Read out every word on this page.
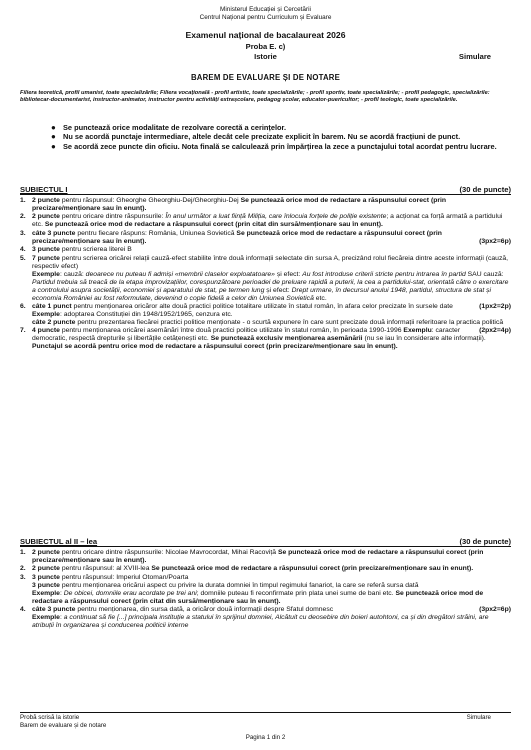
Ministerul Educației și Cercetării
Centrul Național pentru Curriculum și Evaluare
Examenul național de bacalaureat 2026
Proba E. c)
Istorie	Simulare
BAREM DE EVALUARE ȘI DE NOTARE
Filiera teoretică, profil umanist, toate specializările; Filiera vocațională - profil artistic, toate specializările; - profil sportiv, toate specializările; - profil pedagogic, specializările: bibliotecar-documentarist, instructor-animator, instructor pentru activitățí extrașcolare, pedagog școlar, educator-puericultor; - profil teologic, toate specializările.
● Se punctează orice modalitate de rezolvare corectă a cerințelor.
● Nu se acordă punctaje intermediare, altele decât cele precizate explicit în barem. Nu se acordă fracțiuni de punct.
● Se acordă zece puncte din oficiu. Nota finală se calculează prin împărțirea la zece a punctajului total acordat pentru lucrare.
SUBIECTUL I	(30 de puncte)
1. 2 puncte pentru răspunsul: Gheorghe Gheorghiu-Dej/Gheorghiu-Dej Se punctează orice mod de redactare a răspunsului corect (prin precizare/menționare sau în enunț).
2. 2 puncte pentru oricare dintre răspunsurile: În anul următor a luat ființă Miliția, care înlocuia forțele de poliție existente; a acționat ca forță armată a partidului etc. Se punctează orice mod de redactare a răspunsului corect (prin citat din sursă/menționare sau în enunț).
3. câte 3 puncte pentru fiecare răspuns: România, Uniunea Sovietică Se punctează orice mod de redactare a răspunsului corect (prin precizare/menționare sau în enunț).	(3px2=6p)
4. 3 puncte pentru scrierea literei B
5. 7 puncte pentru scrierea oricărei relații cauză-efect stabilite între două informații selectate din sursa A, precizând rolul fiecăreia dintre aceste informații (cauză, respectiv efect)
Exemple: cauză: deoarece nu puteau fi admiși «membrii claselor exploatatoare» și efect: Au fost introduse criterii stricte pentru intrarea în partid SAU cauză: Partidul trebuia să treacă de la etapa improvizațiilor, corespunzătoare perioadei de preluare rapidă a puterii, la cea a partidului-stat, orientată către o exercitare a controlului asupra societății, economiei și aparatului de stat, pe termen lung și efect: Drept urmare, în decursul anului 1948, partidul, structura de stat și economia României au fost reformulate, devenind o copie fidelă a celor din Uniunea Sovietică etc.
6. câte 1 punct pentru menționarea oricăror alte două practici politice totalitare utilizate în statul român, în afara celor precizate în sursele date	(1px2=2p)

Exemple: adoptarea Constituției din 1948/1952/1965, cenzura etc.
câte 2 puncte pentru prezentarea fiecărei practici politice menționate - o scurtă expunere în care sunt precizate două informații referitoare la practica politică
(2px2=4p)
7. 4 puncte pentru menționarea oricărei asemănări între două practici politice utilizate în statul român, în perioada 1990-1996 Exemplu: caracter democratic, respectă drepturile și libertățile cetățenești etc. Se punctează exclusiv menționarea asemănării (nu se iau în considerare alte informații). Punctajul se acordă pentru orice mod de redactare a răspunsului corect (prin precizare/menționare sau în enunț).
SUBIECTUL al II – lea	(30 de puncte)
1. 2 puncte pentru oricare dintre răspunsurile: Nicolae Mavrocordat, Mihai Racoviță Se punctează orice mod de redactare a răspunsului corect (prin precizare/menționare sau în enunț).
2. 2 puncte pentru răspunsul: al XVIII-lea Se punctează orice mod de redactare a răspunsului corect (prin precizare/menționare sau în enunț).
3. 3 puncte pentru răspunsul: Imperiul Otoman/Poarta
3 puncte pentru menționarea oricărui aspect cu privire la durata domniei în timpul regimului fanariot, la care se referă sursa dată
Exemple: De obicei, domniile erau acordate pe trei ani; domniile puteau fi reconfirmate prin plata unei sume de bani etc. Se punctează orice mod de redactare a răspunsului corect (prin citat din sursă/menționare sau în enunț).
4. câte 3 puncte pentru menționarea, din sursa dată, a oricăror două informații despre Sfatul domnesc	(3px2=6p)

Exemple: a continuat să fie [...] principala instituție a statului în sprijinul domniei, Alcătuit cu deosebire din boieri autohtoni, ca și din dregători străini, are atribuții în organizarea și conducerea politicii interne
Probă scrisă la istorie
Barem de evaluare și de notare
Simulare
Pagina 1 din 2
